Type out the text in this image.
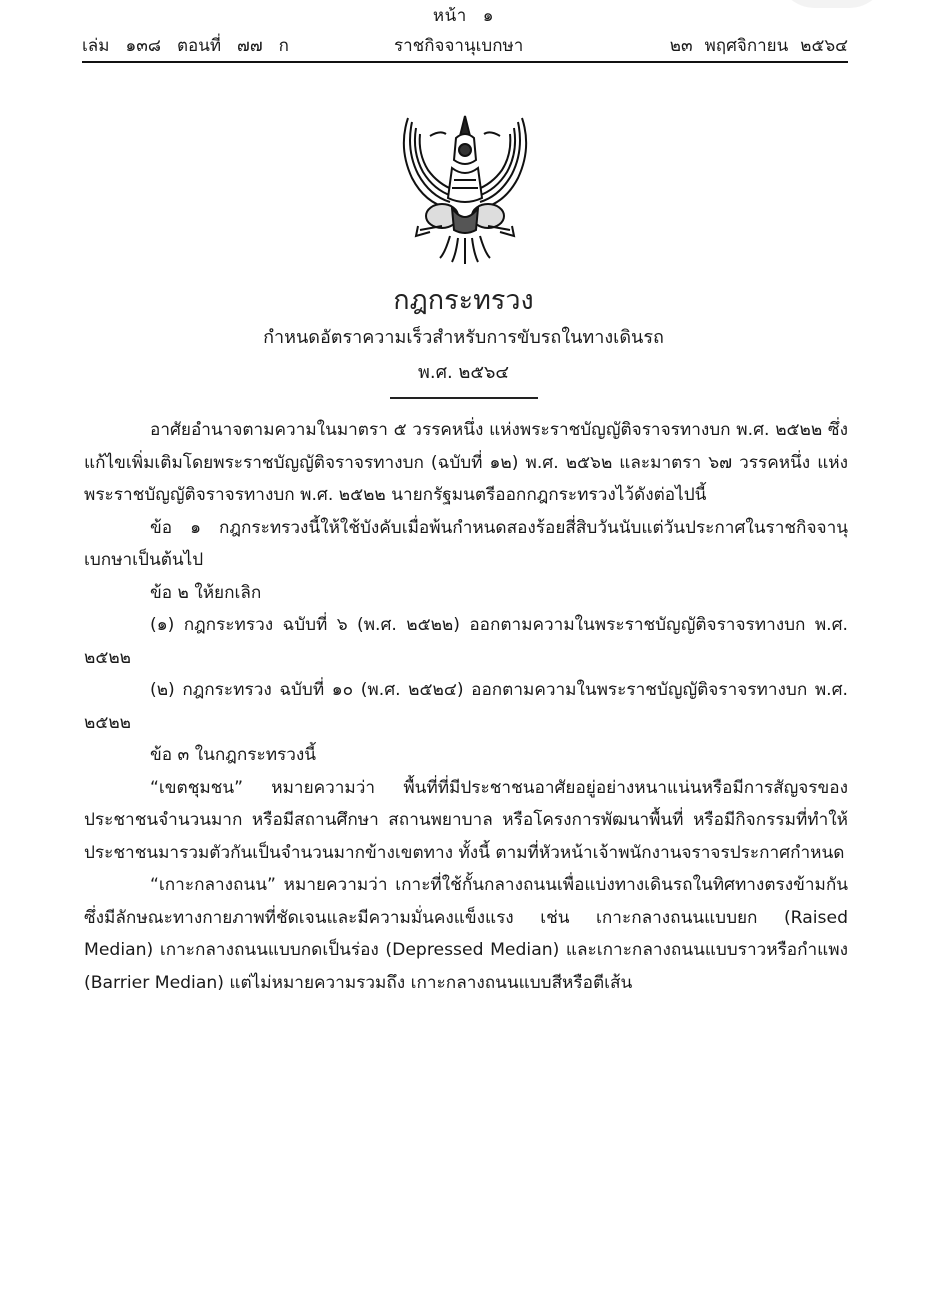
หน้า ๑
เล่ม ๑๓๘ ตอนที่ ๗๗ ก	ราชกิจจานุเบกษา	๒๓ พฤศจิกายน ๒๕๖๔
กฎกระทรวง
กำหนดอัตราความเร็วสำหรับการขับรถในทางเดินรถ
พ.ศ. ๒๕๖๔

อาศัยอำนาจตามความในมาตรา ๕ วรรคหนึ่ง แห่งพระราชบัญญัติจราจรทางบก พ.ศ. ๒๕๒๒ ซึ่งแก้ไขเพิ่มเติมโดยพระราชบัญญัติจราจรทางบก (ฉบับที่ ๑๒) พ.ศ. ๒๕๖๒ และมาตรา ๖๗ วรรคหนึ่ง แห่งพระราชบัญญัติจราจรทางบก พ.ศ. ๒๕๒๒ นายกรัฐมนตรีออกกฎกระทรวงไว้ดังต่อไปนี้

ข้อ ๑ กฎกระทรวงนี้ให้ใช้บังคับเมื่อพ้นกำหนดสองร้อยสี่สิบวันนับแต่วันประกาศในราชกิจจานุเบกษาเป็นต้นไป

ข้อ ๒ ให้ยกเลิก

(๑) กฎกระทรวง ฉบับที่ ๖ (พ.ศ. ๒๕๒๒) ออกตามความในพระราชบัญญัติจราจรทางบก พ.ศ. ๒๕๒๒

(๒) กฎกระทรวง ฉบับที่ ๑๐ (พ.ศ. ๒๕๒๔) ออกตามความในพระราชบัญญัติจราจรทางบก พ.ศ. ๒๕๒๒

ข้อ ๓ ในกฎกระทรวงนี้

“เขตชุมชน” หมายความว่า พื้นที่ที่มีประชาชนอาศัยอยู่อย่างหนาแน่นหรือมีการสัญจรของประชาชนจำนวนมาก หรือมีสถานศึกษา สถานพยาบาล หรือโครงการพัฒนาพื้นที่ หรือมีกิจกรรมที่ทำให้ประชาชนมารวมตัวกันเป็นจำนวนมากข้างเขตทาง ทั้งนี้ ตามที่หัวหน้าเจ้าพนักงานจราจรประกาศกำหนด

“เกาะกลางถนน” หมายความว่า เกาะที่ใช้กั้นกลางถนนเพื่อแบ่งทางเดินรถในทิศทางตรงข้ามกันซึ่งมีลักษณะทางกายภาพที่ชัดเจนและมีความมั่นคงแข็งแรง เช่น เกาะกลางถนนแบบยก (Raised Median) เกาะกลางถนนแบบกดเป็นร่อง (Depressed Median) และเกาะกลางถนนแบบราวหรือกำแพง (Barrier Median) แต่ไม่หมายความรวมถึง เกาะกลางถนนแบบสีหรือตีเส้น
